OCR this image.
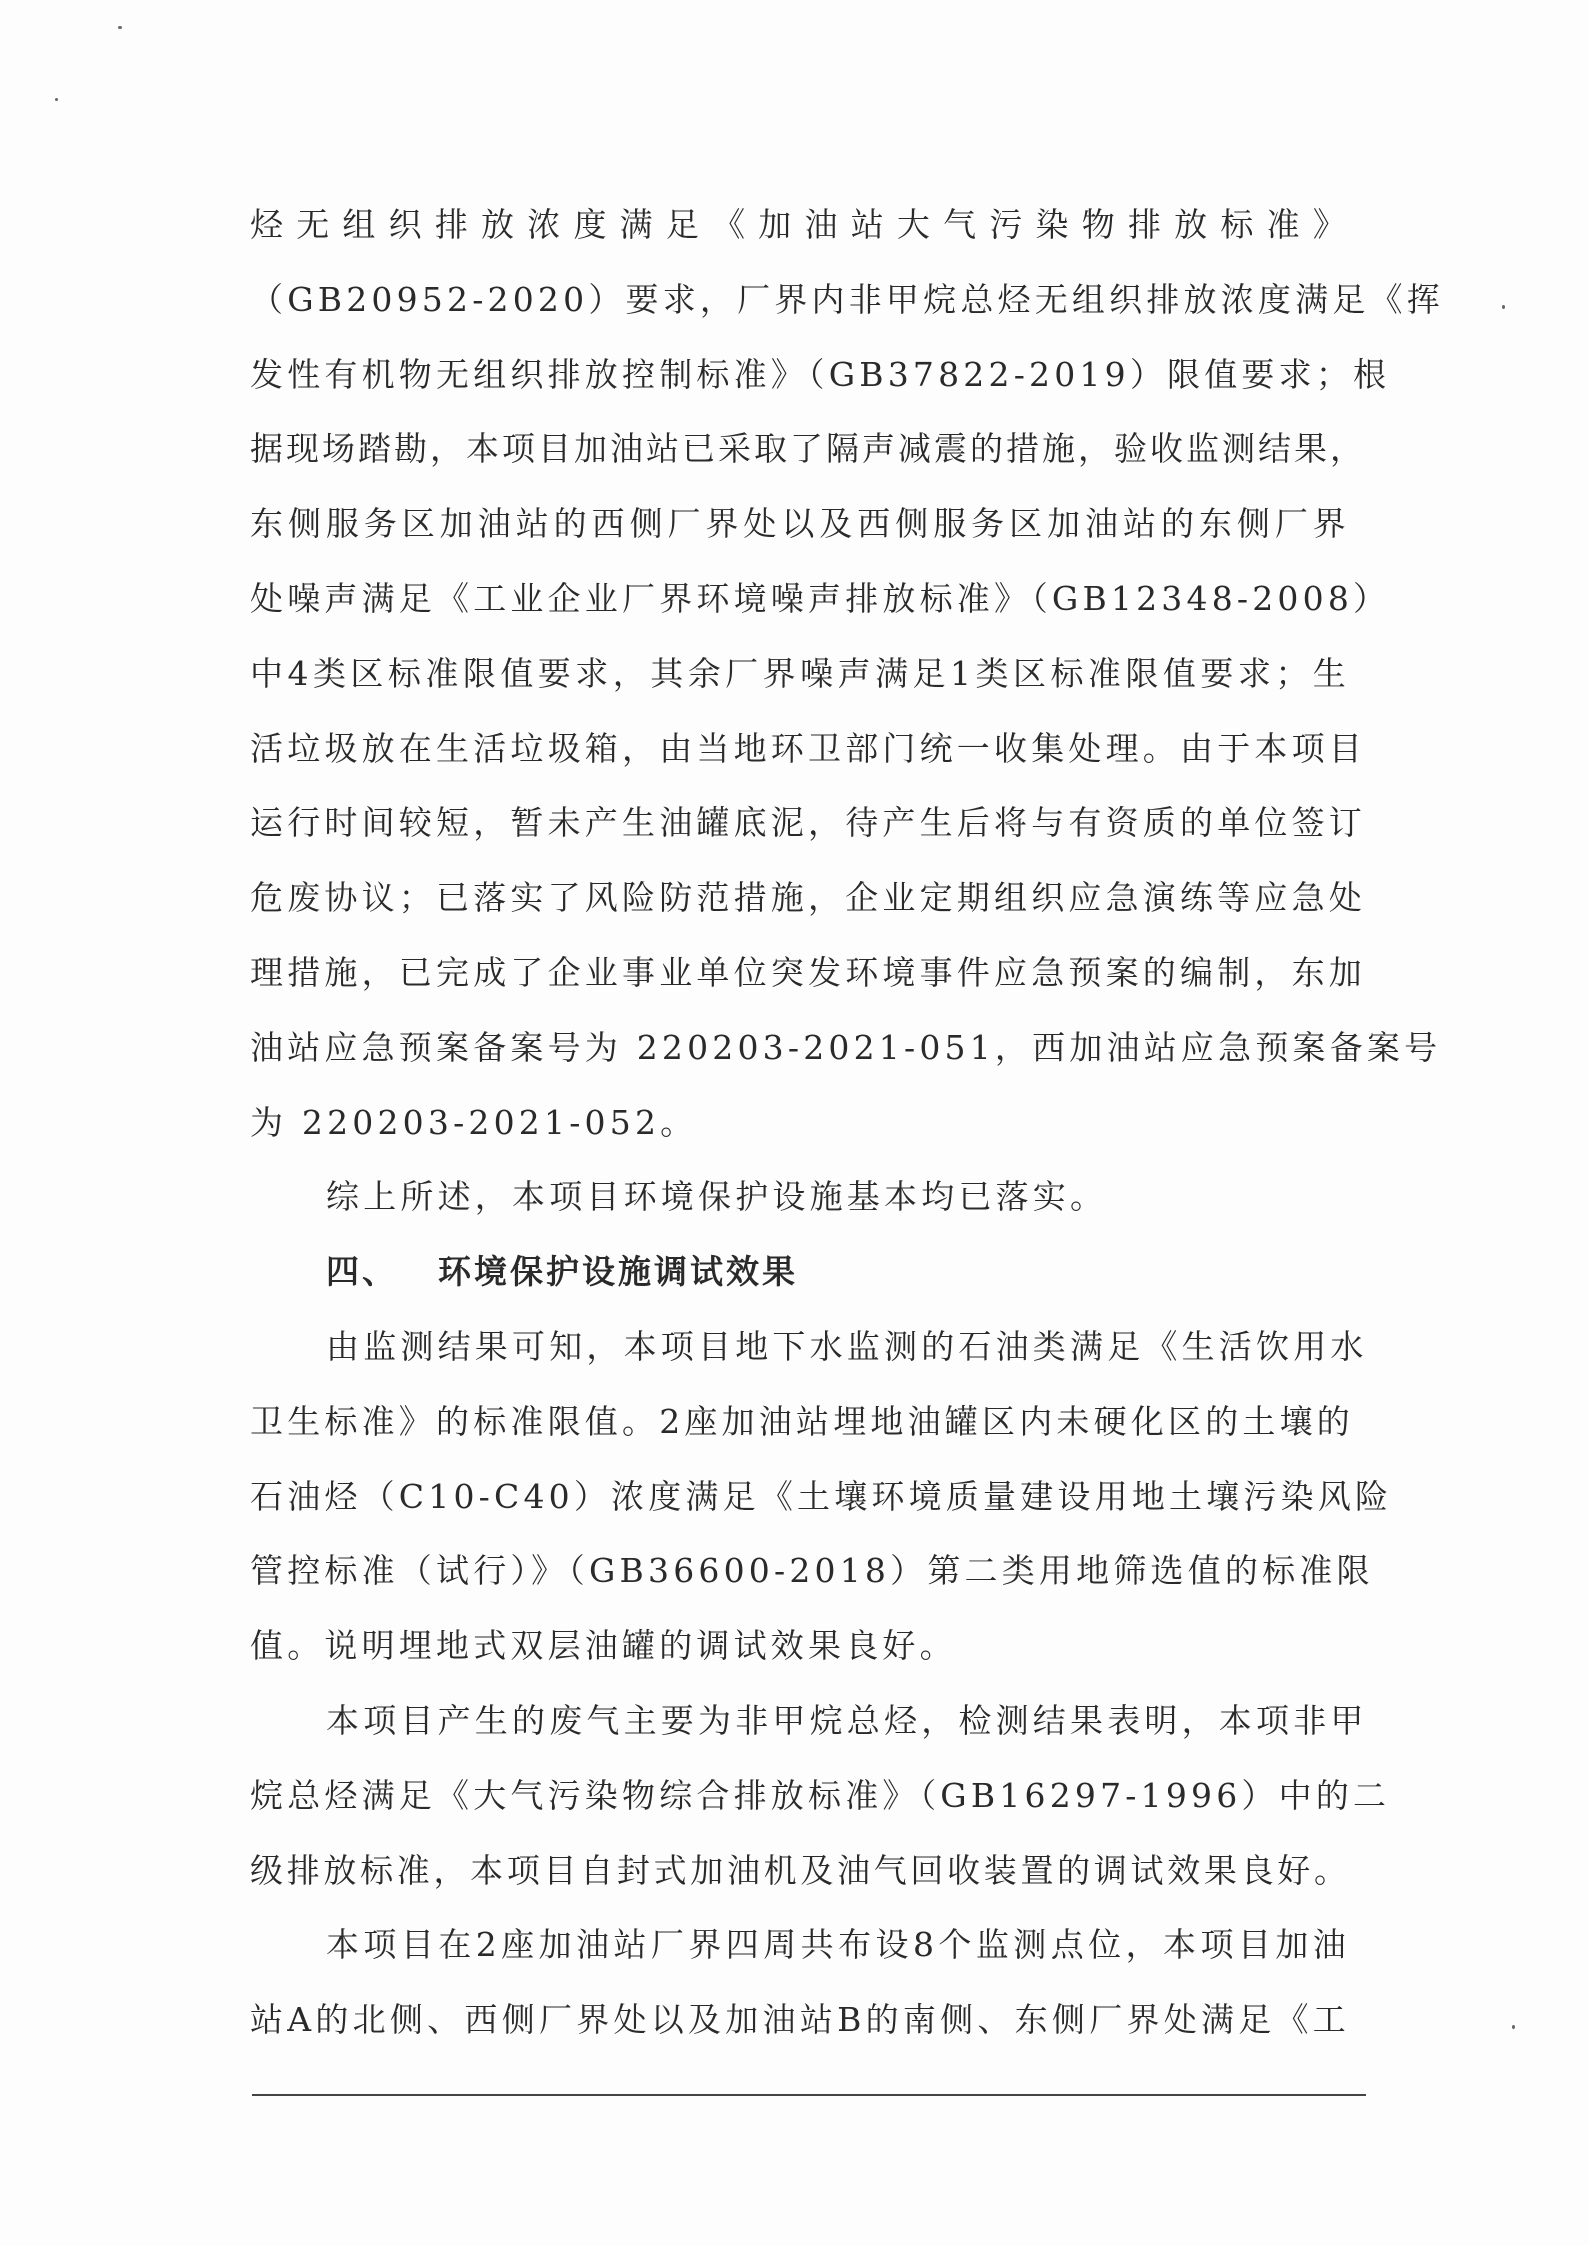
烃无组织排放浓度满足《加油站大气污染物排放标准》
（GB20952-2020）要求，厂界内非甲烷总烃无组织排放浓度满足《挥
发性有机物无组织排放控制标准》（GB37822-2019）限值要求；根
据现场踏勘，本项目加油站已采取了隔声减震的措施，验收监测结果，
东侧服务区加油站的西侧厂界处以及西侧服务区加油站的东侧厂界
处噪声满足《工业企业厂界环境噪声排放标准》（GB12348-2008）
中4类区标准限值要求，其余厂界噪声满足1类区标准限值要求；生
活垃圾放在生活垃圾箱，由当地环卫部门统一收集处理。由于本项目
运行时间较短，暂未产生油罐底泥，待产生后将与有资质的单位签订
危废协议；已落实了风险防范措施，企业定期组织应急演练等应急处
理措施，已完成了企业事业单位突发环境事件应急预案的编制，东加
油站应急预案备案号为 220203-2021-051，西加油站应急预案备案号
为 220203-2021-052。
综上所述，本项目环境保护设施基本均已落实。
四、 环境保护设施调试效果
由监测结果可知，本项目地下水监测的石油类满足《生活饮用水
卫生标准》的标准限值。2座加油站埋地油罐区内未硬化区的土壤的
石油烃（C10-C40）浓度满足《土壤环境质量建设用地土壤污染风险
管控标准（试行）》（GB36600-2018）第二类用地筛选值的标准限
值。说明埋地式双层油罐的调试效果良好。
本项目产生的废气主要为非甲烷总烃，检测结果表明，本项非甲
烷总烃满足《大气污染物综合排放标准》（GB16297-1996）中的二
级排放标准，本项目自封式加油机及油气回收装置的调试效果良好。
本项目在2座加油站厂界四周共布设8个监测点位，本项目加油
站A的北侧、西侧厂界处以及加油站B的南侧、东侧厂界处满足《工
